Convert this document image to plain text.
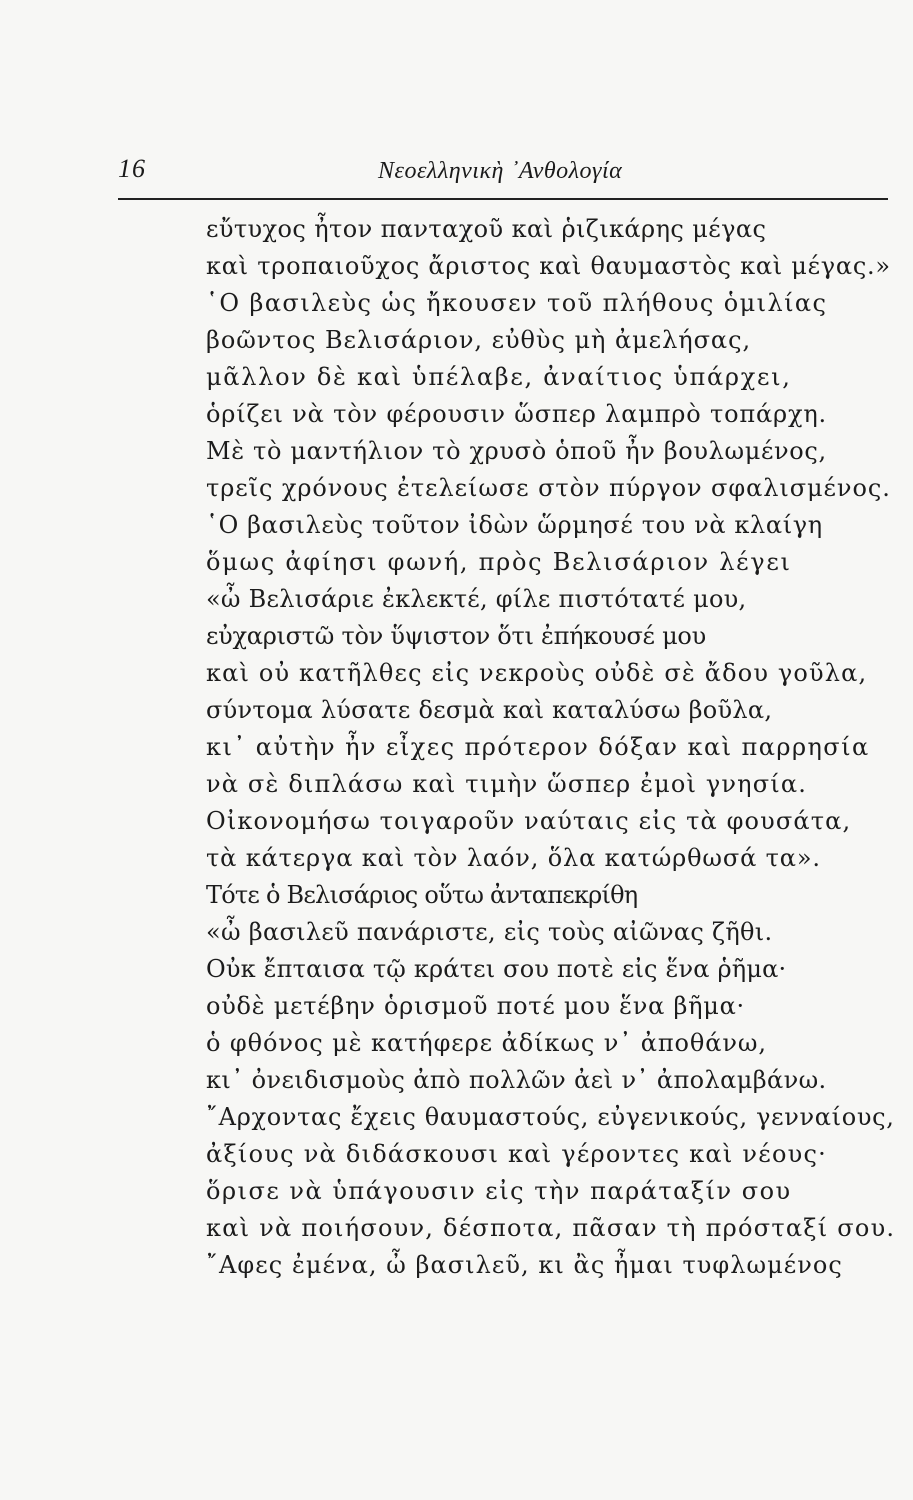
16	Νεοελληνικὴ ᾽Ανθολογία
εὔτυχος ἦτον πανταχοῦ καὶ ῥιζικάρης μέγας
καὶ τροπαιοῦχος ἄριστος καὶ θαυμαστὸς καὶ μέγας.»
῾Ο βασιλεὺς ὡς ἤκουσεν τοῦ πλήθους ὁμιλίας
βοῶντος Βελισάριον, εὐθὺς μὴ ἀμελήσας,
μᾶλλον δὲ καὶ ὑπέλαβε, ἀναίτιος ὑπάρχει,
ὁρίζει νὰ τὸν φέρουσιν ὥσπερ λαμπρὸ τοπάρχη.
Μὲ τὸ μαντήλιον τὸ χρυσὸ ὁποῦ ἦν βουλωμένος,
τρεῖς χρόνους ἐτελείωσε στὸν πύργον σφαλισμένος.
῾Ο βασιλεὺς τοῦτον ἰδὼν ὥρμησέ του νὰ κλαίγη
ὅμως ἀφίησι φωνή, πρὸς Βελισάριον λέγει
«ὦ Βελισάριε ἐκλεκτέ, φίλε πιστότατέ μου,
εὐχαριστῶ τὸν ὕψιστον ὅτι ἐπήκουσέ μου
καὶ οὐ κατῆλθες εἰς νεκροὺς οὐδὲ σὲ ἄδου γοῦλα,
σύντομα λύσατε δεσμὰ καὶ καταλύσω βοῦλα,
κι᾽ αὐτὴν ἦν εἶχες πρότερον δόξαν καὶ παρρησία
νὰ σὲ διπλάσω καὶ τιμὴν ὥσπερ ἐμοὶ γνησία.
Οἰκονομήσω τοιγαροῦν ναύταις εἰς τὰ φουσάτα,
τὰ κάτεργα καὶ τὸν λαόν, ὅλα κατώρθωσά τα».
Τότε ὁ Βελισάριος οὕτω ἀνταπεκρίθη
«ὦ βασιλεῦ πανάριστε, εἰς τοὺς αἰῶνας ζῆθι.
Οὐκ ἔπταισα τῷ κράτει σου ποτὲ εἰς ἕνα ῥῆμα·
οὐδὲ μετέβην ὁρισμοῦ ποτέ μου ἕνα βῆμα·
ὁ φθόνος μὲ κατήφερε ἀδίκως ν᾽ ἀποθάνω,
κι᾽ ὀνειδισμοὺς ἀπὸ πολλῶν ἀεὶ ν᾽ ἀπολαμβάνω.
῎Αρχοντας ἔχεις θαυμαστούς, εὐγενικούς, γενναίους,
ἀξίους νὰ διδάσκουσι καὶ γέροντες καὶ νέους·
ὅρισε νὰ ὑπάγουσιν εἰς τὴν παράταξίν σου
καὶ νὰ ποιήσουν, δέσποτα, πᾶσαν τὴ πρόσταξί σου.
῎Αφες ἐμένα, ὦ βασιλεῦ, κι ἂς ἦμαι τυφλωμένος
